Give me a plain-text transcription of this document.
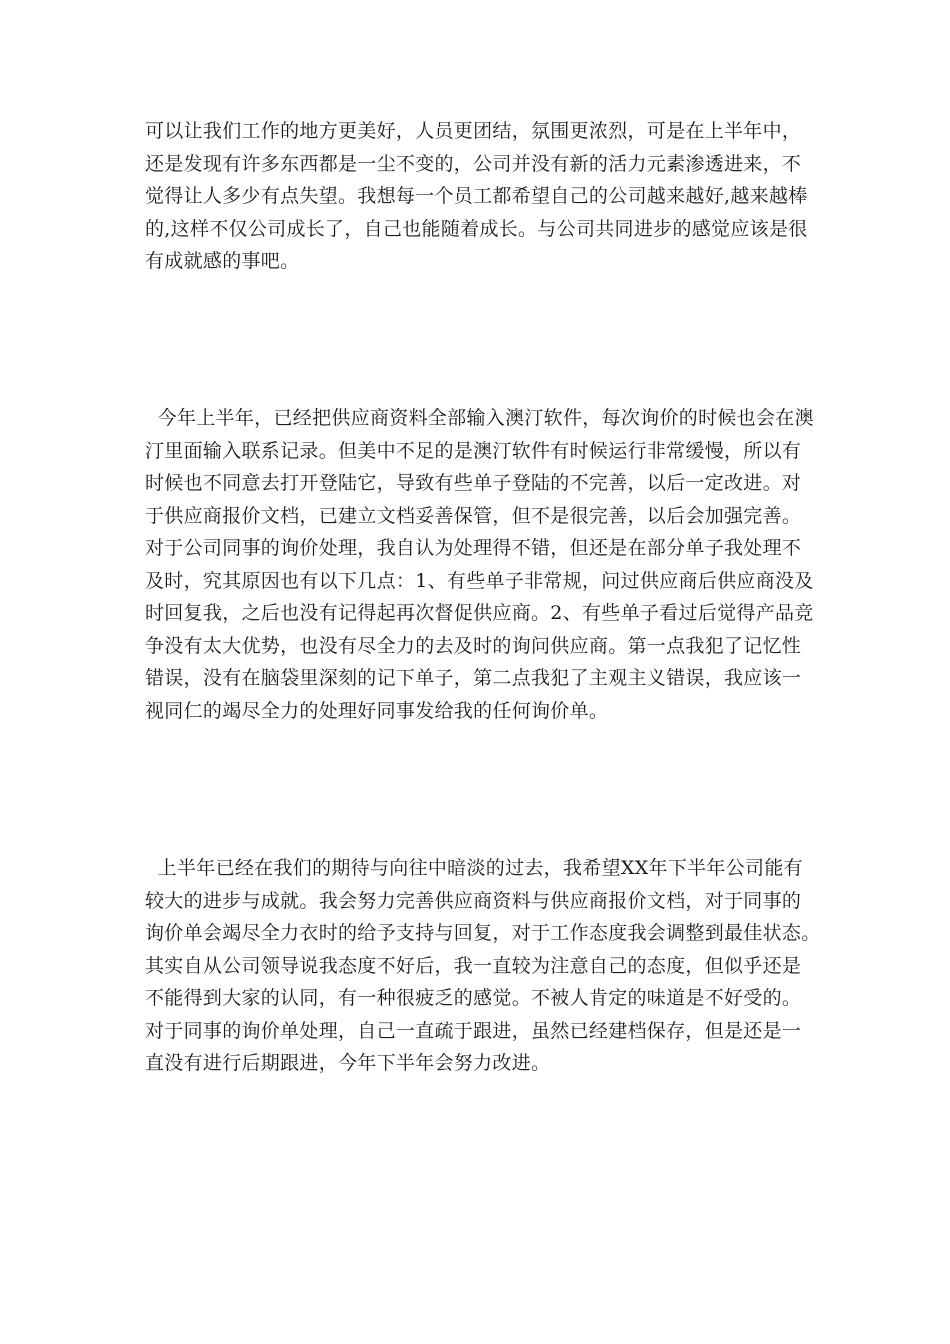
可以让我们工作的地方更美好，人员更团结，氛围更浓烈，可是在上半年中，
还是发现有许多东西都是一尘不变的，公司并没有新的活力元素渗透进来，不
觉得让人多少有点失望。我想每一个员工都希望自己的公司越来越好,越来越棒
的,这样不仅公司成长了，自己也能随着成长。与公司共同进步的感觉应该是很
有成就感的事吧。

今年上半年，已经把供应商资料全部输入澳汀软件，每次询价的时候也会在澳
汀里面输入联系记录。但美中不足的是澳汀软件有时候运行非常缓慢，所以有
时候也不同意去打开登陆它，导致有些单子登陆的不完善，以后一定改进。对
于供应商报价文档，已建立文档妥善保管，但不是很完善，以后会加强完善。
对于公司同事的询价处理，我自认为处理得不错，但还是在部分单子我处理不
及时，究其原因也有以下几点：1、有些单子非常规，问过供应商后供应商没及
时回复我，之后也没有记得起再次督促供应商。2、有些单子看过后觉得产品竞
争没有太大优势，也没有尽全力的去及时的询问供应商。第一点我犯了记忆性
错误，没有在脑袋里深刻的记下单子，第二点我犯了主观主义错误，我应该一
视同仁的竭尽全力的处理好同事发给我的任何询价单。

上半年已经在我们的期待与向往中暗淡的过去，我希望XX年下半年公司能有
较大的进步与成就。我会努力完善供应商资料与供应商报价文档，对于同事的
询价单会竭尽全力衣时的给予支持与回复，对于工作态度我会调整到最佳状态。
其实自从公司领导说我态度不好后，我一直较为注意自己的态度，但似乎还是
不能得到大家的认同，有一种很疲乏的感觉。不被人肯定的味道是不好受的。
对于同事的询价单处理，自己一直疏于跟进，虽然已经建档保存，但是还是一
直没有进行后期跟进，今年下半年会努力改进。
